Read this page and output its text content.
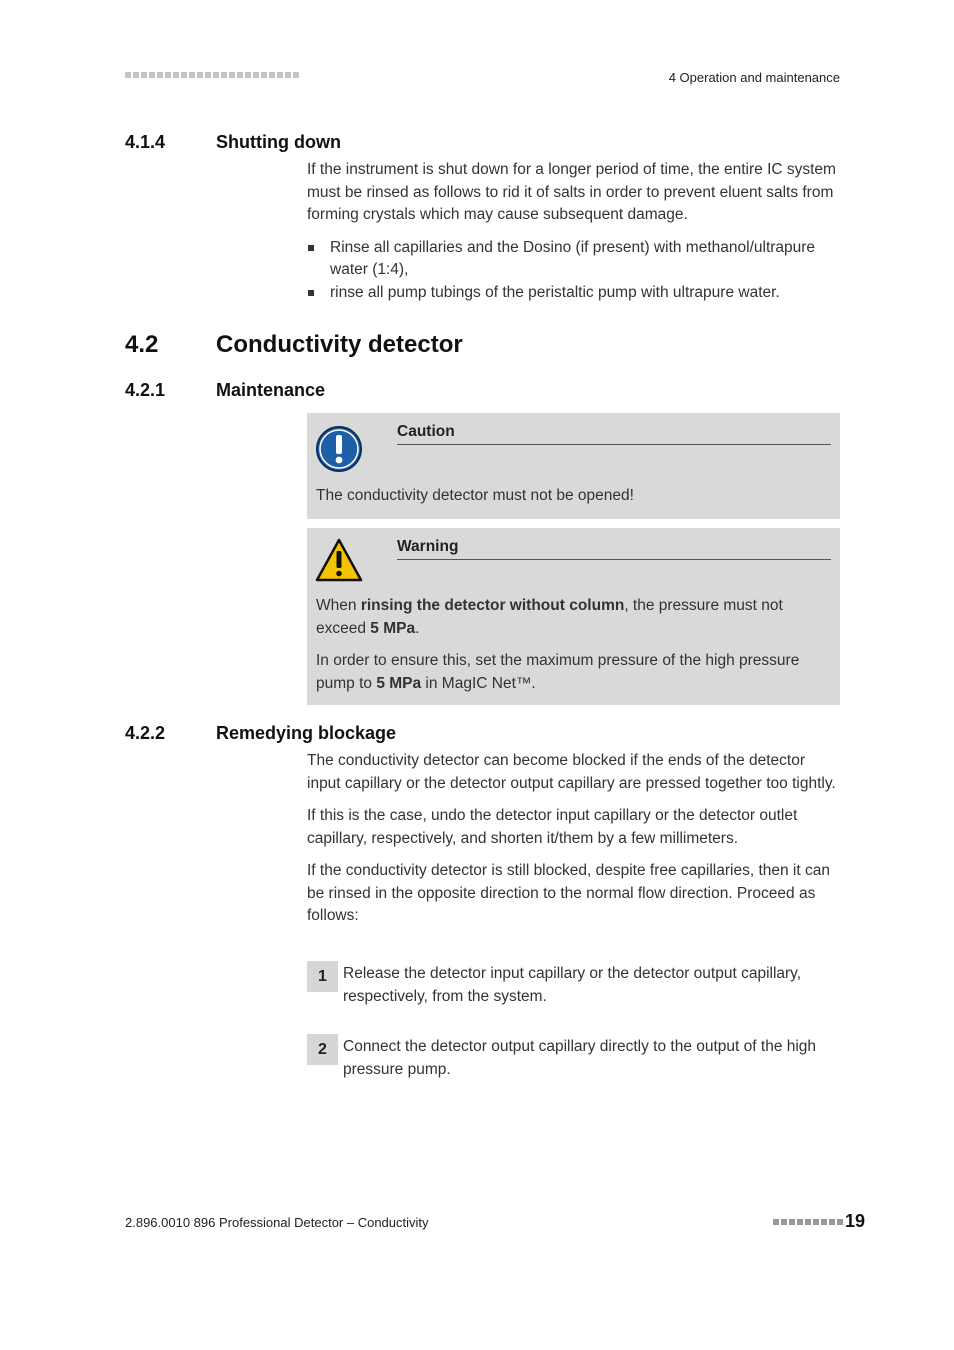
4 Operation and maintenance
4.1.4	Shutting down

If the instrument is shut down for a longer period of time, the entire IC system must be rinsed as follows to rid it of salts in order to prevent eluent salts from forming crystals which may cause subsequent damage.

Rinse all capillaries and the Dosino (if present) with methanol/ultrapure water (1:4),
rinse all pump tubings of the peristaltic pump with ultrapure water.
4.2 Conductivity detector
4.2.1	Maintenance
Caution
The conductivity detector must not be opened!
Warning

When rinsing the detector without column, the pressure must not exceed 5 MPa.

In order to ensure this, set the maximum pressure of the high pressure pump to 5 MPa in MagIC Net™.

4.2.2	Remedying blockage

The conductivity detector can become blocked if the ends of the detector input capillary or the detector output capillary are pressed together too tightly.

If this is the case, undo the detector input capillary or the detector outlet capillary, respectively, and shorten it/them by a few millimeters.

If the conductivity detector is still blocked, despite free capillaries, then it can be rinsed in the opposite direction to the normal flow direction. Proceed as follows:

1	Release the detector input capillary or the detector output capillary, respectively, from the system.
2	Connect the detector output capillary directly to the output of the high pressure pump.
2.896.0010 896 Professional Detector – Conductivity	19
